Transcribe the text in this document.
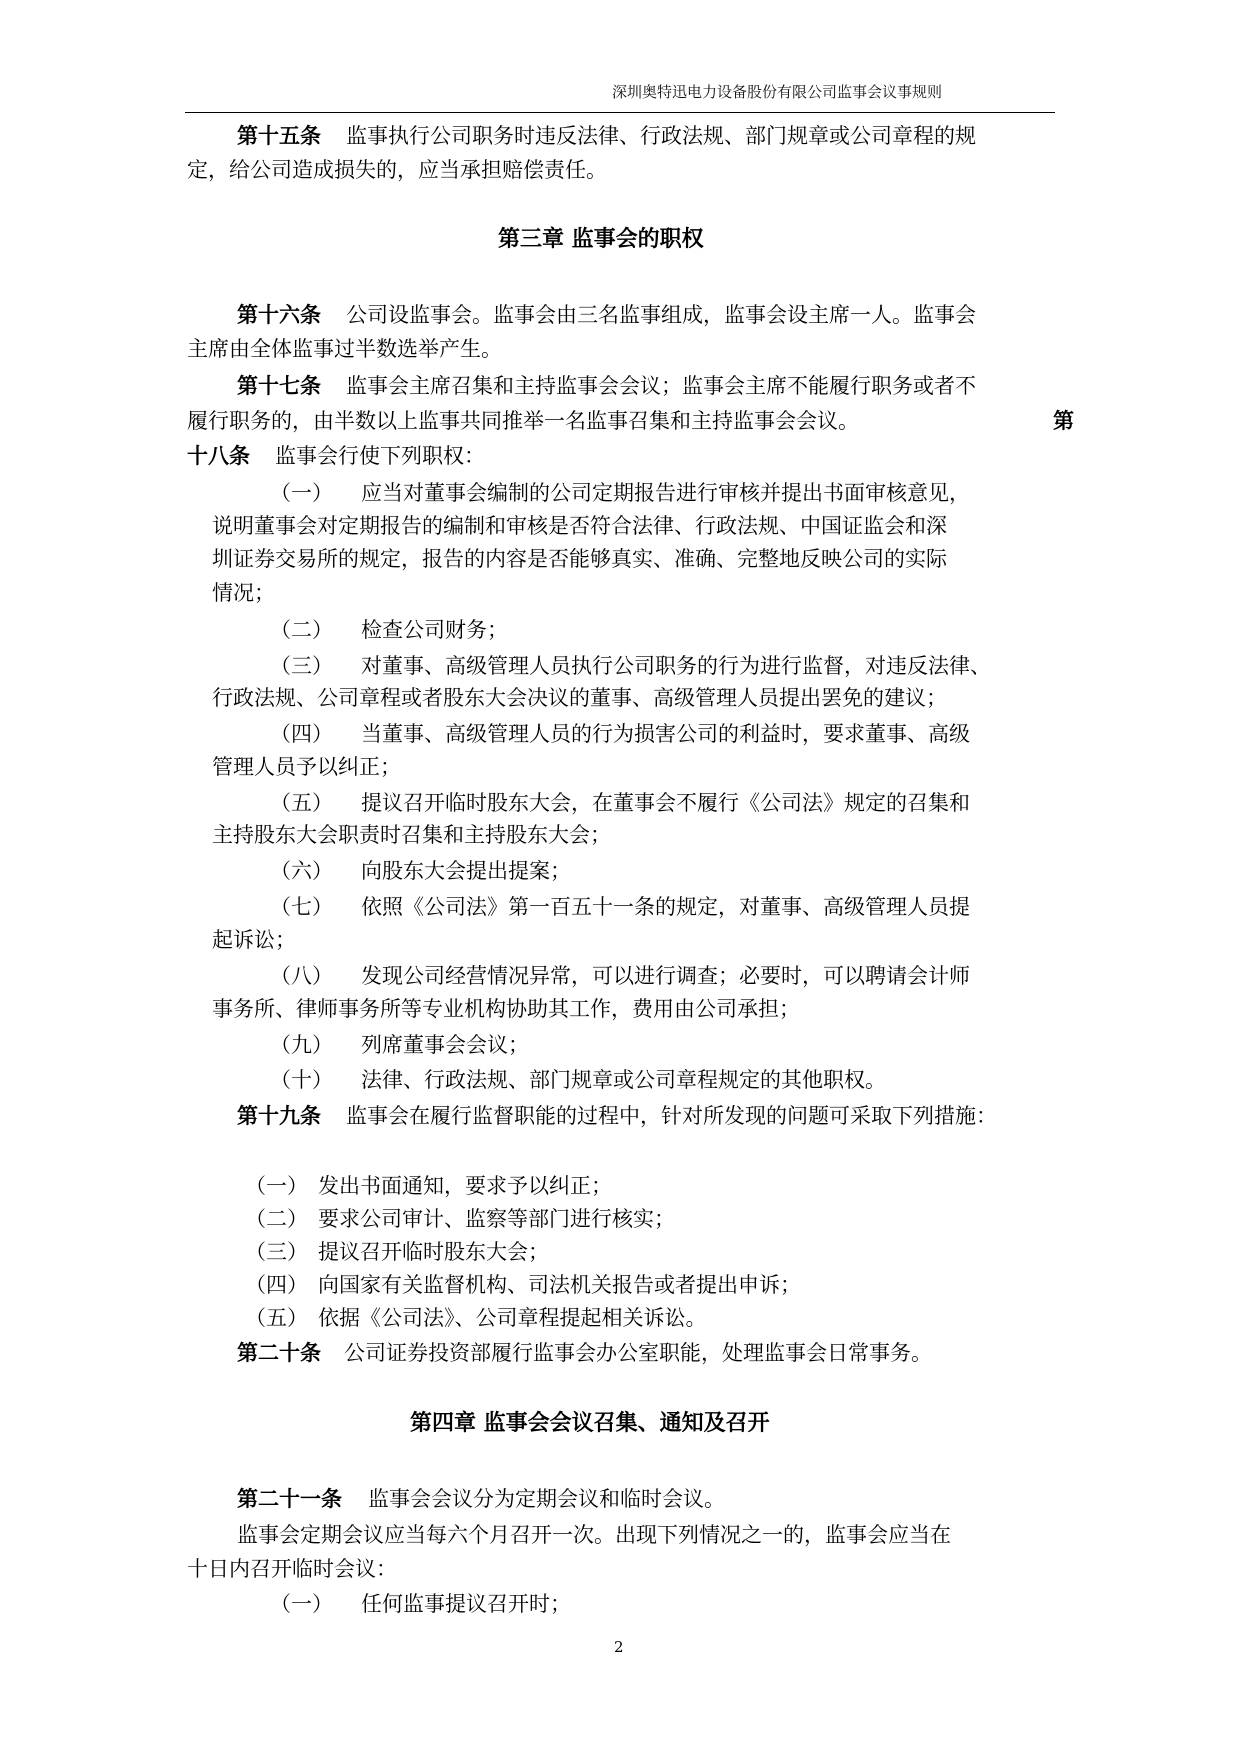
深圳奥特迅电力设备股份有限公司监事会议事规则
第十五条 监事执行公司职务时违反法律、行政法规、部门规章或公司章程的规
定，给公司造成损失的，应当承担赔偿责任。
第三章 监事会的职权
第十六条 公司设监事会。监事会由三名监事组成，监事会设主席一人。监事会
主席由全体监事过半数选举产生。
第十七条 监事会主席召集和主持监事会会议；监事会主席不能履行职务或者不
履行职务的，由半数以上监事共同推举一名监事召集和主持监事会会议。	第
十八条 监事会行使下列职权：
（一） 应当对董事会编制的公司定期报告进行审核并提出书面审核意见，
说明董事会对定期报告的编制和审核是否符合法律、行政法规、中国证监会和深
圳证券交易所的规定，报告的内容是否能够真实、准确、完整地反映公司的实际
情况；
（二） 检查公司财务；
（三） 对董事、高级管理人员执行公司职务的行为进行监督，对违反法律、
行政法规、公司章程或者股东大会决议的董事、高级管理人员提出罢免的建议；
（四） 当董事、高级管理人员的行为损害公司的利益时，要求董事、高级
管理人员予以纠正；
（五） 提议召开临时股东大会，在董事会不履行《公司法》规定的召集和
主持股东大会职责时召集和主持股东大会；
（六） 向股东大会提出提案；
（七） 依照《公司法》第一百五十一条的规定，对董事、高级管理人员提
起诉讼；
（八） 发现公司经营情况异常，可以进行调查；必要时，可以聘请会计师
事务所、律师事务所等专业机构协助其工作，费用由公司承担；
（九） 列席董事会会议；
（十） 法律、行政法规、部门规章或公司章程规定的其他职权。
第十九条 监事会在履行监督职能的过程中，针对所发现的问题可采取下列措施：
（一） 发出书面通知，要求予以纠正；
（二） 要求公司审计、监察等部门进行核实；
（三） 提议召开临时股东大会；
（四） 向国家有关监督机构、司法机关报告或者提出申诉；
（五） 依据《公司法》、公司章程提起相关诉讼。
第二十条 公司证券投资部履行监事会办公室职能，处理监事会日常事务。
第四章 监事会会议召集、通知及召开
第二十一条 监事会会议分为定期会议和临时会议。
监事会定期会议应当每六个月召开一次。出现下列情况之一的，监事会应当在
十日内召开临时会议：
（一） 任何监事提议召开时；
2
